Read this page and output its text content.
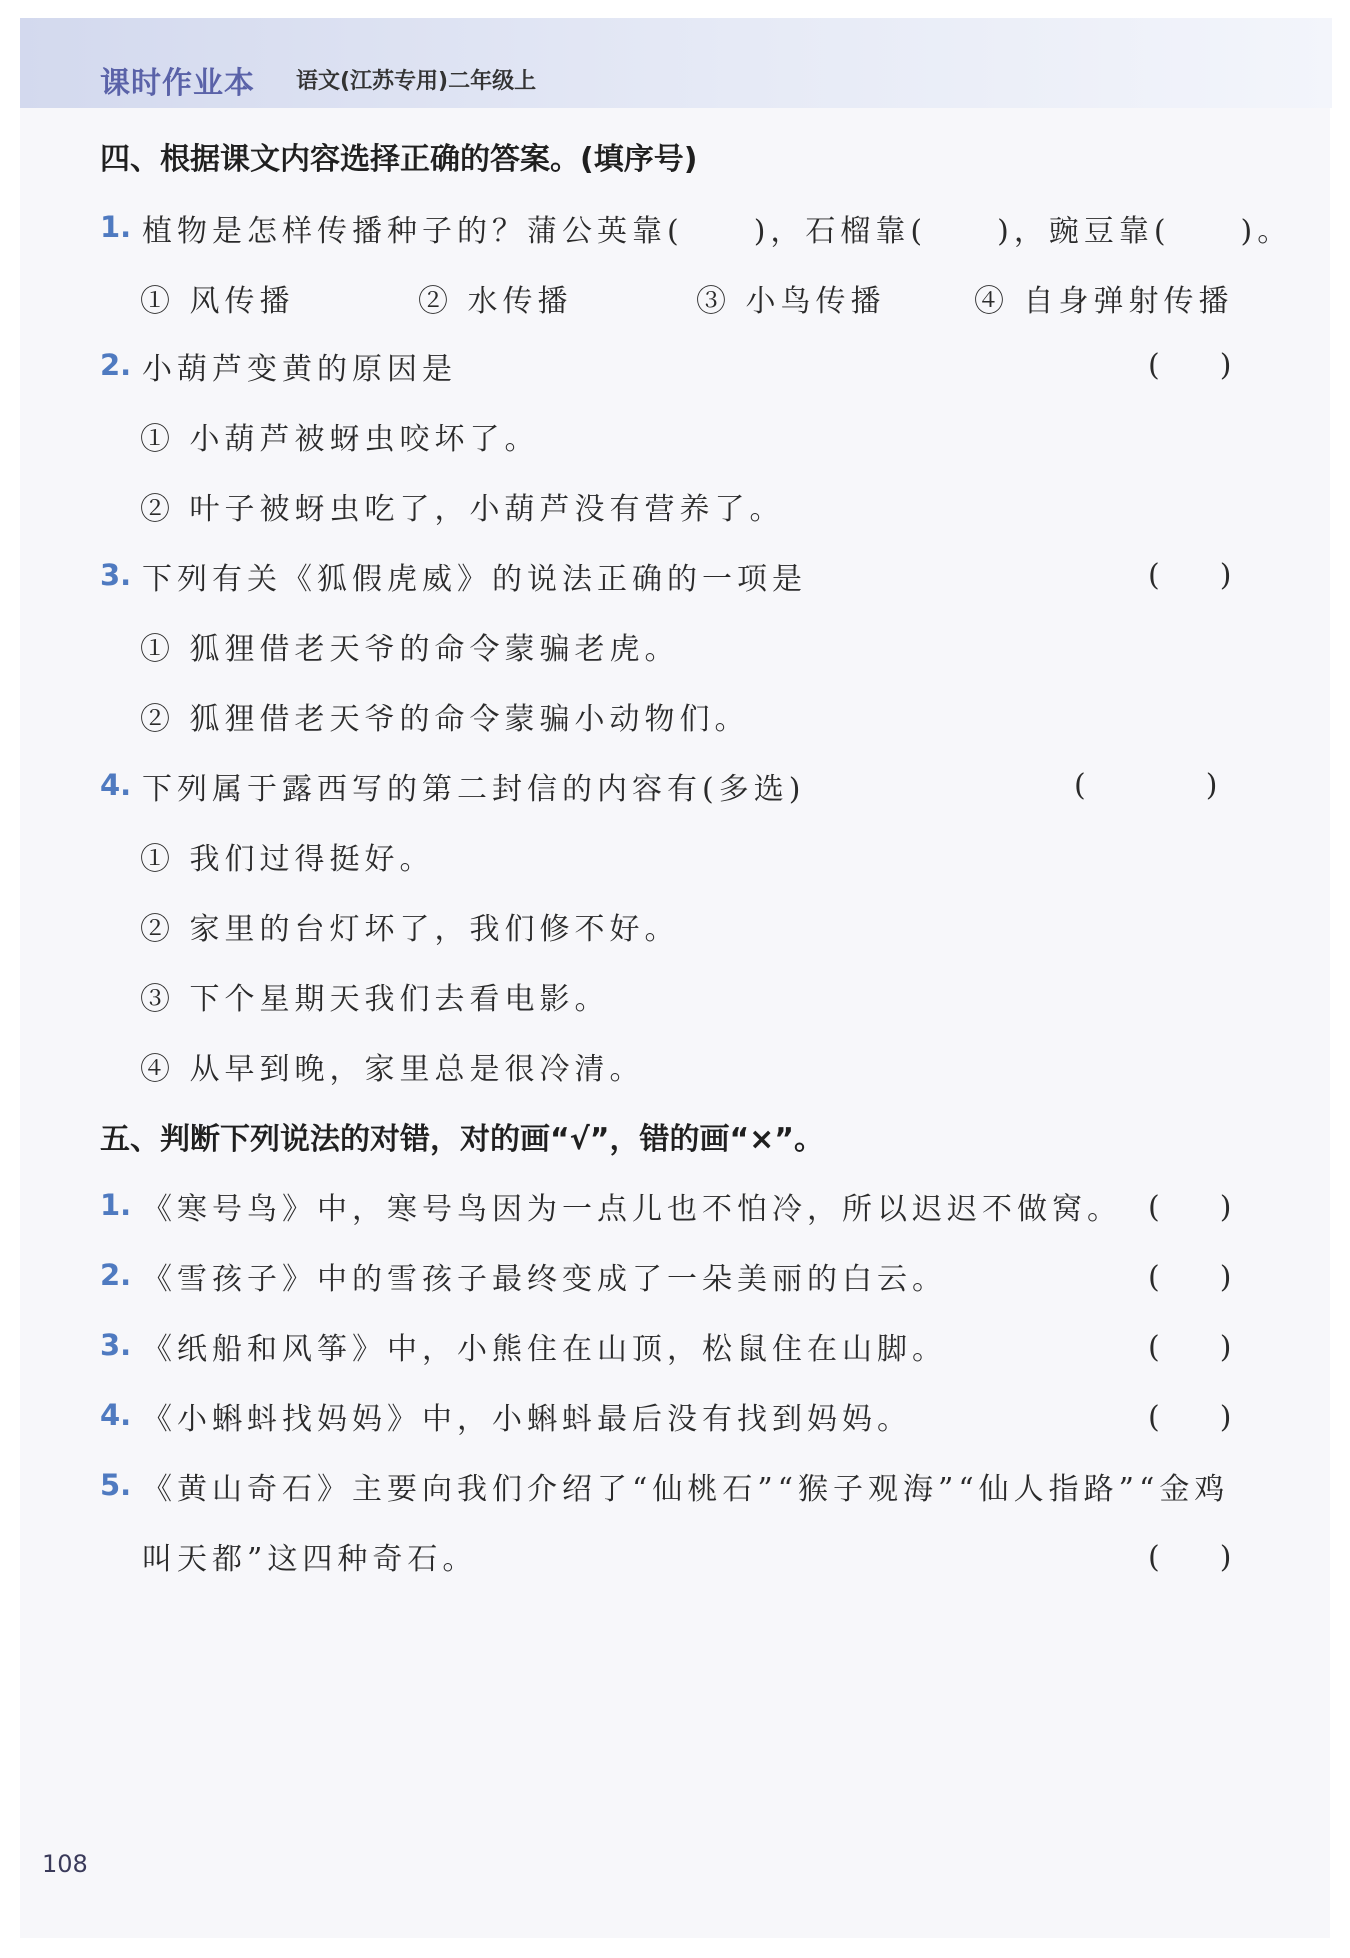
课时作业本 语文(江苏专用)二年级上
四、根据课文内容选择正确的答案。(填序号)
1. 植物是怎样传播种子的？蒲公英靠(　　)，石榴靠(　　)，豌豆靠(　　)。
① 风传播	② 水传播	③ 小鸟传播	④ 自身弹射传播
2. 小葫芦变黄的原因是	(　　)
① 小葫芦被蚜虫咬坏了。
② 叶子被蚜虫吃了，小葫芦没有营养了。
3. 下列有关《狐假虎威》的说法正确的一项是	(　　)
① 狐狸借老天爷的命令蒙骗老虎。
② 狐狸借老天爷的命令蒙骗小动物们。
4. 下列属于露西写的第二封信的内容有(多选)	(　　　　)
① 我们过得挺好。
② 家里的台灯坏了，我们修不好。
③ 下个星期天我们去看电影。
④ 从早到晚，家里总是很冷清。
五、判断下列说法的对错，对的画“√”，错的画“×”。
1. 《寒号鸟》中，寒号鸟因为一点儿也不怕冷，所以迟迟不做窝。 (　　)
2. 《雪孩子》中的雪孩子最终变成了一朵美丽的白云。	(　　)
3. 《纸船和风筝》中，小熊住在山顶，松鼠住在山脚。	(　　)
4. 《小蝌蚪找妈妈》中，小蝌蚪最后没有找到妈妈。	(　　)
5. 《黄山奇石》主要向我们介绍了“仙桃石”“猴子观海”“仙人指路”“金鸡
叫天都”这四种奇石。	(　　)
108
